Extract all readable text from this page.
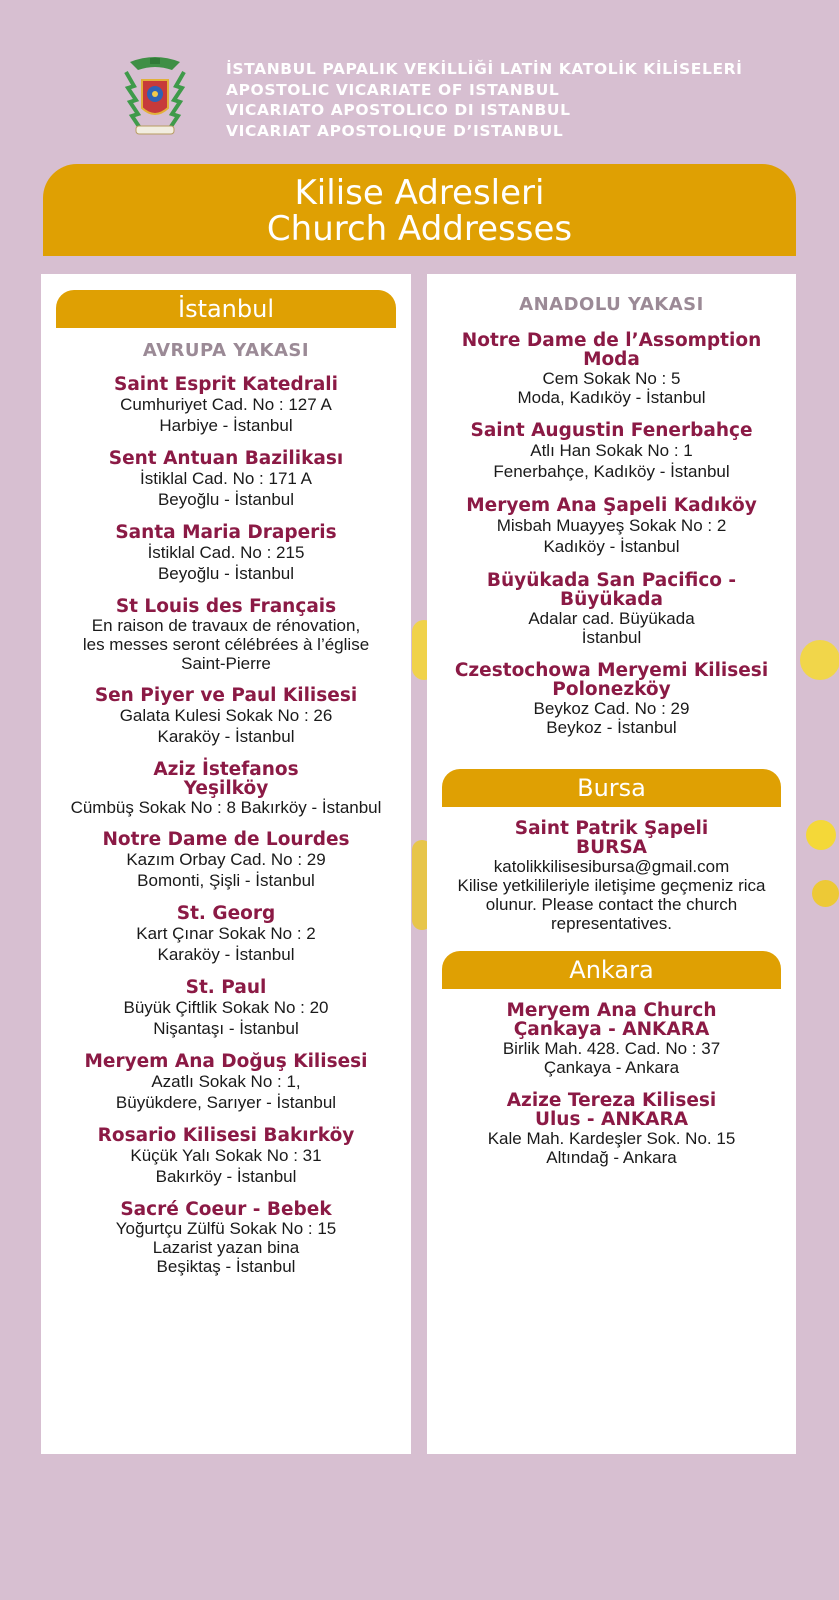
İSTANBUL PAPALIK VEKİLLİĞİ LATİN KATOLİK KİLİSELERİ
APOSTOLIC VICARIATE OF ISTANBUL
VICARIATO APOSTOLICO DI ISTANBUL
VICARIAT APOSTOLIQUE D’ISTANBUL
Kilise Adresleri
Church Addresses
İstanbul
AVRUPA YAKASI
Saint Esprit Katedrali
Cumhuriyet Cad. No : 127 A
Harbiye - İstanbul
Sent Antuan Bazilikası
İstiklal Cad. No : 171 A
Beyoğlu - İstanbul
Santa Maria Draperis
İstiklal Cad. No : 215
Beyoğlu - İstanbul
St Louis des Français
En raison de travaux de rénovation,
les messes seront célébrées à l’église
Saint-Pierre
Sen Piyer ve Paul Kilisesi
Galata Kulesi Sokak No : 26
Karaköy - İstanbul
Aziz İstefanos
Yeşilköy
Cümbüş Sokak No : 8 Bakırköy - İstanbul
Notre Dame de Lourdes
Kazım Orbay Cad. No : 29
Bomonti, Şişli - İstanbul
St. Georg
Kart Çınar Sokak No : 2
Karaköy - İstanbul
St. Paul
Büyük Çiftlik Sokak No : 20
Nişantaşı - İstanbul
Meryem Ana Doğuş Kilisesi
Azatlı Sokak No : 1,
Büyükdere, Sarıyer - İstanbul
Rosario Kilisesi Bakırköy
Küçük Yalı Sokak No : 31
Bakırköy - İstanbul
Sacré Coeur - Bebek
Yoğurtçu Zülfü Sokak No : 15
Lazarist yazan bina
Beşiktaş - İstanbul
ANADOLU YAKASI
Notre Dame de l’Assomption
Moda
Cem Sokak No : 5
Moda, Kadıköy - İstanbul
Saint Augustin Fenerbahçe
Atlı Han Sokak No : 1
Fenerbahçe, Kadıköy - İstanbul
Meryem Ana Şapeli Kadıköy
Misbah Muayyeş Sokak No : 2
Kadıköy - İstanbul
Büyükada San Pacifico -
Büyükada
Adalar cad. Büyükada
İstanbul
Czestochowa Meryemi Kilisesi
Polonezköy
Beykoz Cad. No : 29
Beykoz - İstanbul
Bursa
Saint Patrik Şapeli
BURSA
katolikkilisesibursa@gmail.com
Kilise yetkilileriyle iletişime geçmeniz rica
olunur. Please contact the church
representatives.
Ankara
Meryem Ana Church
Çankaya - ANKARA
Birlik Mah. 428. Cad. No : 37
Çankaya - Ankara
Azize Tereza Kilisesi
Ulus - ANKARA
Kale Mah. Kardeşler Sok. No. 15
Altındağ - Ankara
